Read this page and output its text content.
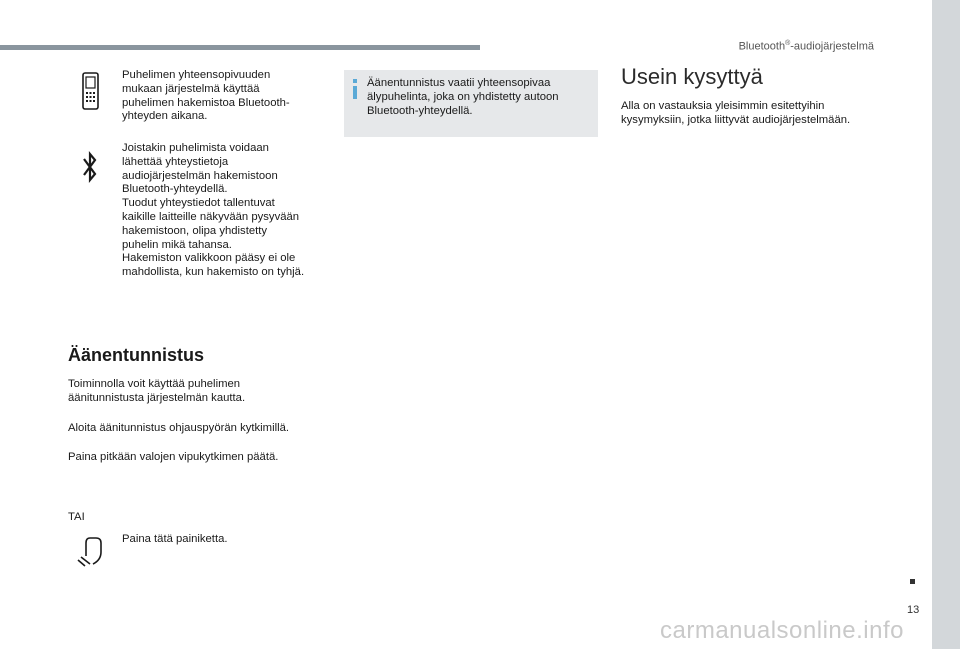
Bluetooth®-audiojärjestelmä
Puhelimen yhteensopivuuden
mukaan järjestelmä käyttää
puhelimen hakemistoa Bluetooth-
yhteyden aikana.
Joistakin puhelimista voidaan
lähettää yhteystietoja
audiojärjestelmän hakemistoon
Bluetooth-yhteydellä.
Tuodut yhteystiedot tallentuvat
kaikille laitteille näkyvään pysyvään
hakemistoon, olipa yhdistetty
puhelin mikä tahansa.
Hakemiston valikkoon pääsy ei ole
mahdollista, kun hakemisto on tyhjä.
Äänentunnistus
Toiminnolla voit käyttää puhelimen
äänitunnistusta järjestelmän kautta.
Aloita äänitunnistus ohjauspyörän kytkimillä.
Paina pitkään valojen vipukytkimen päätä.
TAI
Paina tätä painiketta.
Äänentunnistus vaatii yhteensopivaa
älypuhelinta, joka on yhdistetty autoon
Bluetooth-yhteydellä.
Usein kysyttyä
Alla on vastauksia yleisimmin esitettyihin
kysymyksiin, jotka liittyvät audiojärjestelmään.
13
carmanualsonline.info
